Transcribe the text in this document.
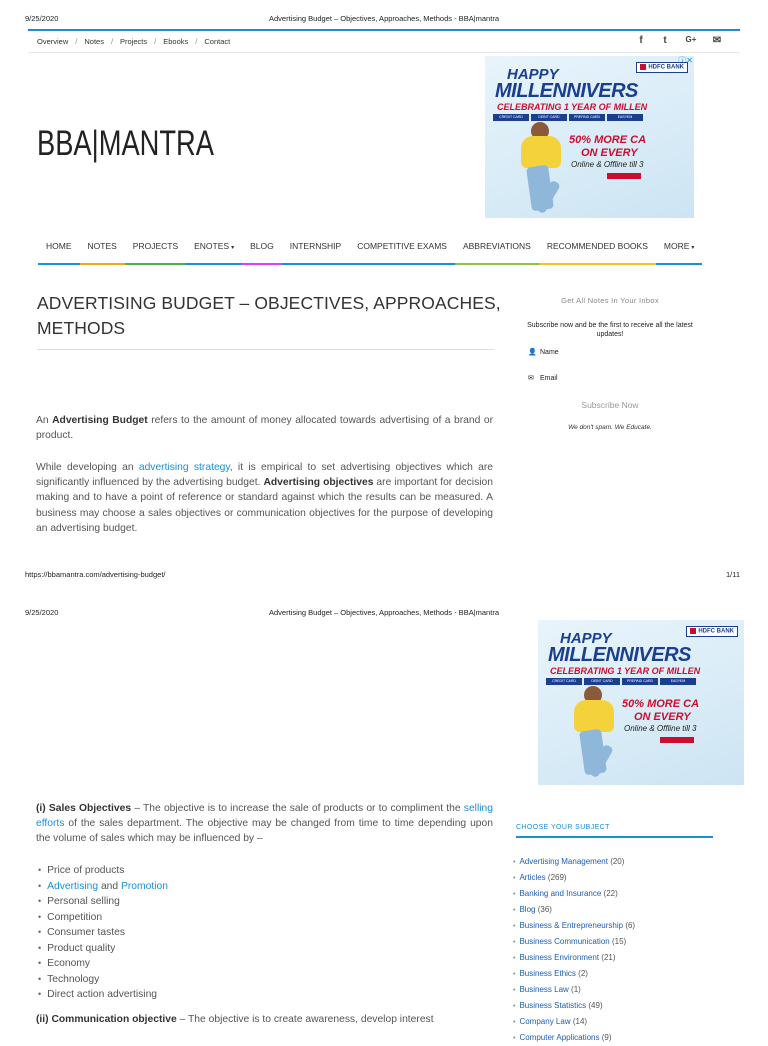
9/25/2020	Advertising Budget – Objectives, Approaches, Methods - BBA|mantra
Overview / Notes / Projects / Ebooks / Contact	f	t	G+ ✉
BBA|MANTRA
HAPPY
MILLENNIVERS
CELEBRATING 1 YEAR OF MILLEN
CREDIT CARD	DEBIT CARD	PREPAID CARD	EASYEM
50% MORE CA
ON EVERY
Online & Offline till 3
HDFC BANK
ⓘ✕
HOME	NOTES	PROJECTS	ENOTES ▾	BLOG	INTERNSHIP	COMPETITIVE EXAMS	ABBREVIATIONS	RECOMMENDED BOOKS	MORE ▾
ADVERTISING BUDGET – OBJECTIVES, APPROACHES, METHODS
An Advertising Budget refers to the amount of money allocated towards advertising of a brand or product.
While developing an advertising strategy, it is empirical to set advertising objectives which are significantly influenced by the advertising budget. Advertising objectives are important for decision making and to have a point of reference or standard against which the results can be measured. A business may choose a sales objectives or communication objectives for the purpose of developing an advertising budget.
Get All Notes In Your Inbox
Subscribe now and be the first to receive all the latest updates!
👤 Name
✉ Email
Subscribe Now
We don't spam. We Educate.
https://bbamantra.com/advertising-budget/	1/11
9/25/2020	Advertising Budget – Objectives, Approaches, Methods - BBA|mantra
HAPPY
MILLENNIVERS
CELEBRATING 1 YEAR OF MILLEN
CREDIT CARD	DEBIT CARD	PREPAID CARD	EASYEM
50% MORE CA
ON EVERY
Online & Offline till 3
HDFC BANK
(i) Sales Objectives – The objective is to increase the sale of products or to compliment the selling efforts of the sales department. The objective may be changed from time to time depending upon the volume of sales which may be influenced by –
• Price of products
• Advertising and Promotion
• Personal selling
• Competition
• Consumer tastes
• Product quality
• Economy
• Technology
• Direct action advertising
(ii) Communication objective – The objective is to create awareness, develop interest
CHOOSE YOUR SUBJECT
• Advertising Management (20)
• Articles (269)
• Banking and Insurance (22)
• Blog (36)
• Business & Entrepreneurship (6)
• Business Communication (15)
• Business Environment (21)
• Business Ethics (2)
• Business Law (1)
• Business Statistics (49)
• Company Law (14)
• Computer Applications (9)
